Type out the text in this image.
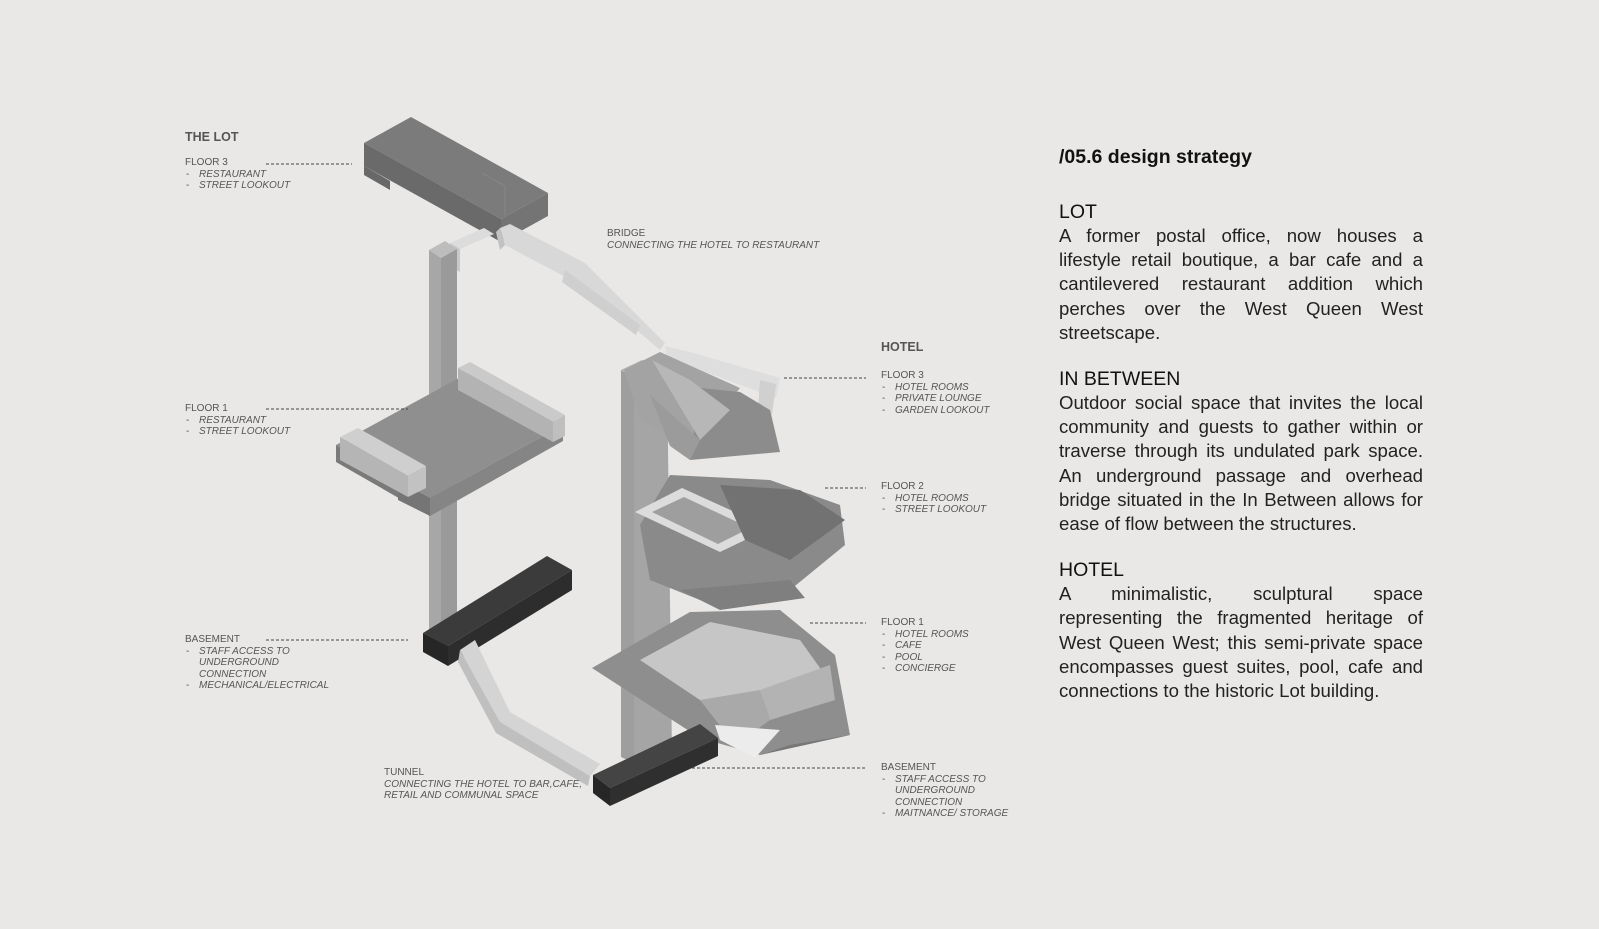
THE LOT
FLOOR 3
- RESTAURANT
- STREET LOOKOUT
FLOOR 1
- RESTAURANT
- STREET LOOKOUT
BASEMENT
- STAFF ACCESS TO UNDERGROUND CONNECTION
- MECHANICAL/ELECTRICAL
BRIDGE
CONNECTING THE HOTEL TO RESTAURANT
TUNNEL
CONNECTING THE HOTEL TO BAR,CAFE, RETAIL AND COMMUNAL SPACE
HOTEL
FLOOR 3
- HOTEL ROOMS
- PRIVATE LOUNGE
- GARDEN LOOKOUT
FLOOR 2
- HOTEL ROOMS
- STREET LOOKOUT
FLOOR 1
- HOTEL ROOMS
- CAFE
- POOL
- CONCIERGE
BASEMENT
- STAFF ACCESS TO UNDERGROUND CONNECTION
- MAITNANCE/ STORAGE
/05.6 design strategy
LOT

A former postal office, now houses a lifestyle retail boutique, a bar cafe and a cantilevered restaurant addition which perches over the West Queen West streetscape.

IN BETWEEN

Outdoor social space that invites the local community and guests to gather within or traverse through its undulated park space. An underground passage and overhead bridge situated in the In Between allows for ease of flow between the structures.

HOTEL

A minimalistic, sculptural space representing the fragmented heritage of West Queen West; this semi-private space encompasses guest suites, pool, cafe and connections to the historic Lot building.
